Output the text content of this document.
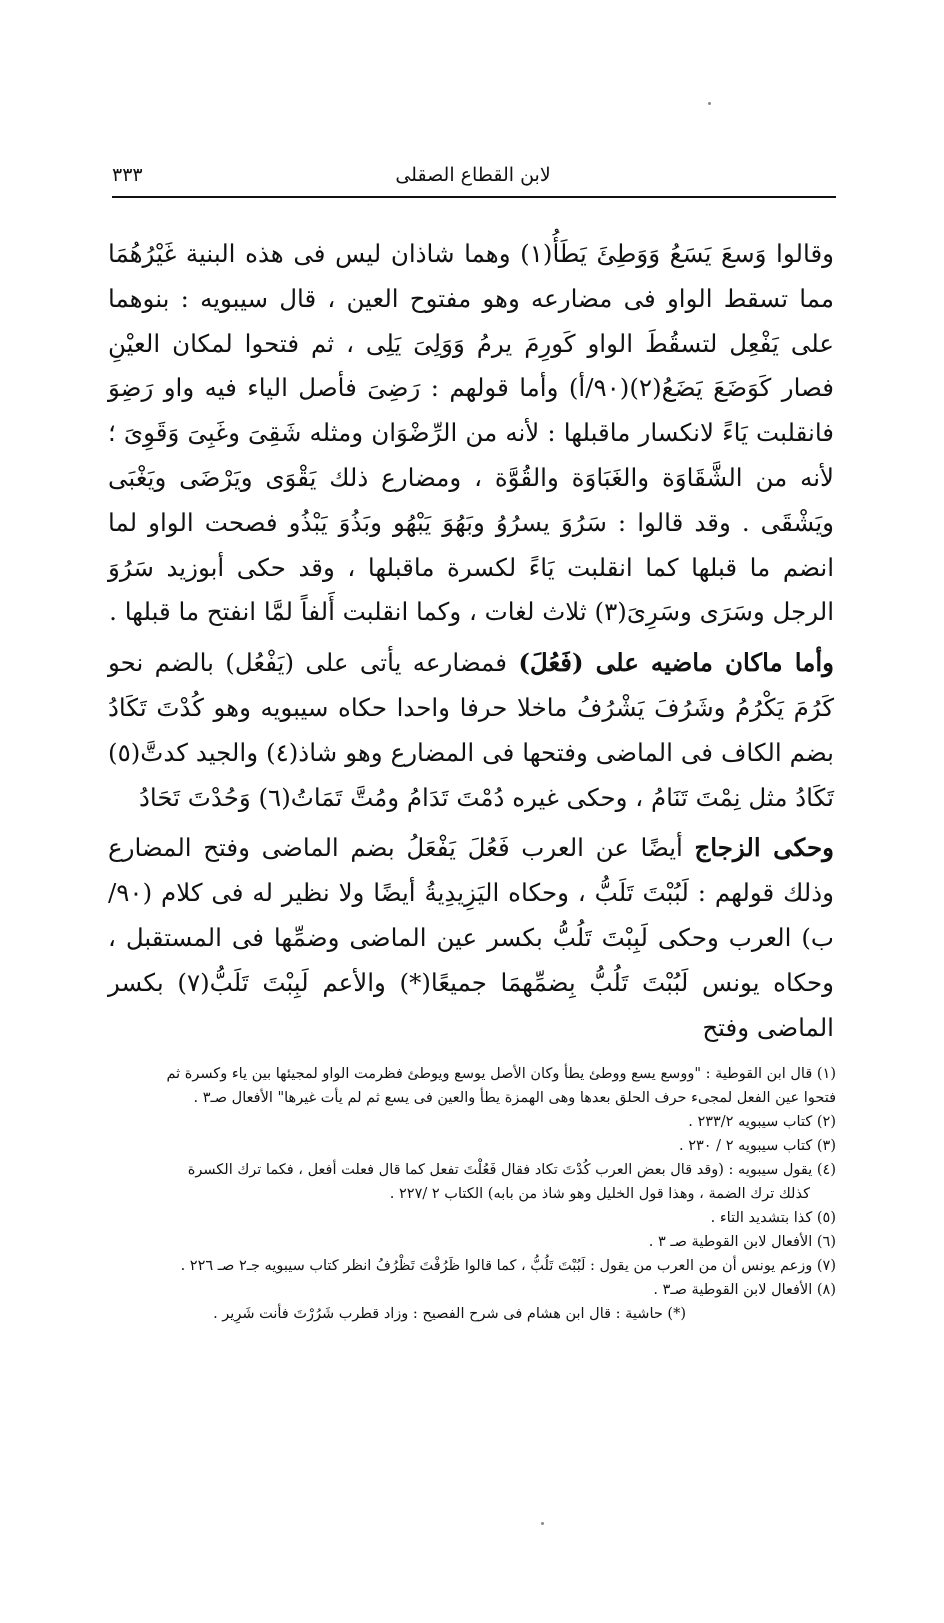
لابن القطاع الصقلى
٣٣٣

وقالوا وَسعَ يَسَعُ وَوَطِئَ يَطَأُ(١) وهما شاذان ليس فى هذه البنية غَيْرُهُمَا مما تسقط الواو فى مضارعه وهو مفتوح العين ، قال سيبويه : بنوهما على يَفْعِل لتسقُطَ الواو كَورِمَ يرمُ وَوَلِىَ يَلِى ، ثم فتحوا لمكان العيْنِ فصار كَوَضَعَ يَضَعُ(٢)(٩٠/أ) وأما قولهم : رَضِىَ فأصل الياء فيه واو رَضِوَ فانقلبت يَاءً لانكسار ماقبلها : لأنه من الرِّضْوَان ومثله شَقِىَ وغَبِىَ وَقَوِىَ ؛ لأنه من الشَّقَاوَة والغَبَاوَة والقُوَّة ، ومضارع ذلك يَقْوَى ويَرْضَى ويَغْبَى ويَشْقَى . وقد قالوا : سَرُوَ يسرُوُ وبَهُوَ يَبْهُو وبَذُوَ يَبْذُو فصحت الواو لما انضم ما قبلها كما انقلبت يَاءً لكسرة ماقبلها ، وقد حكى أبوزيد سَرُوَ الرجل وسَرَى وسَرِىَ(٣) ثلاث لغات ، وكما انقلبت أَلفاً لمَّا انفتح ما قبلها .

وأما ماكان ماضيه على (فَعُلَ) فمضارعه يأتى على (يَفْعُل) بالضم نحو كَرُمَ يَكْرُمُ وشَرُفَ يَشْرُفُ ماخلا حرفا واحدا حكاه سيبويه وهو كُدْتَ تَكَادُ بضم الكاف فى الماضى وفتحها فى المضارع وهو شاذ(٤) والجيد كدتَّ(٥) تَكَادُ مثل نِمْتَ تَنَامُ ، وحكى غيره دُمْتَ تَدَامُ ومُتَّ تَمَاتُ(٦) وَحُدْتَ تَحَادُ

وحكى الزجاج أيضًا عن العرب فَعُلَ يَفْعَلُ بضم الماضى وفتح المضارع وذلك قولهم : لَبُبْتَ تَلَبُّ ، وحكاه اليَزِيدِيةُ أيضًا ولا نظير له فى كلام (٩٠/ب) العرب وحكى لَبِبْتَ تَلُبُّ بكسر عين الماضى وضمِّها فى المستقبل ، وحكاه يونس لَبُبْتَ تَلُبُّ بِضمِّهمَا جميعًا(*) والأعم لَبِبْتَ تَلَبُّ(٧) بكسر الماضى وفتح

(١) قال ابن القوطية : "ووسع يسع ووطئ يطأ وكان الأصل يوسع ويوطئ فظرمت الواو لمجيئها بين ياء وكسرة ثم
فتحوا عين الفعل لمجىء حرف الحلق بعدها وهى الهمزة يطأ والعين فى يسع ثم لم يأت غيرها" الأفعال صـ٣ .
(٢) كتاب سيبويه ٢٣٣/٢ .
(٣) كتاب سيبويه ٢ / ٢٣٠ .
(٤) يقول سيبويه : (وقد قال بعض العرب كُدْتَ تكاد فقال فَعُلْتَ تفعل كما قال فعلت أفعل ، فكما ترك الكسرة
كذلك ترك الضمة ، وهذا قول الخليل وهو شاذ من بابه) الكتاب ٢ /٢٢٧ .
(٥) كذا بتشديد التاء .
(٦) الأفعال لابن القوطية صـ ٣ .
(٧) وزعم يونس أن من العرب من يقول : لَبُبْتَ تَلُبُّ ، كما قالوا ظَرُفْتَ تَظْرُفُ انظر كتاب سيبويه جـ٢ صـ ٢٢٦ .
(٨) الأفعال لابن القوطية صـ٣ .
(*) حاشية : قال ابن هشام فى شرح الفصيح : وزاد قطرب شَرُرْتَ فأنت شَرِير .
